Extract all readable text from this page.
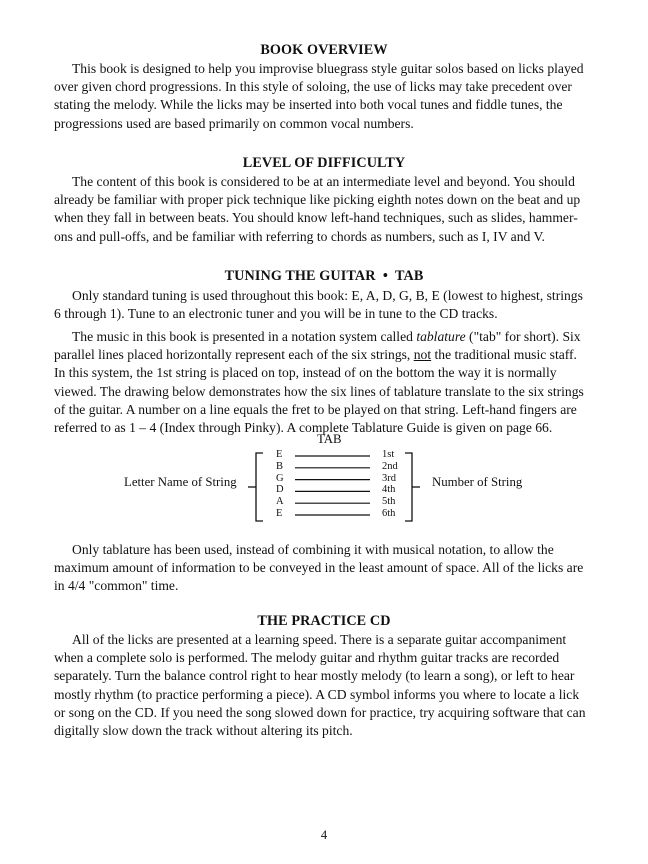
BOOK OVERVIEW
This book is designed to help you improvise bluegrass style guitar solos based on licks played
over given chord progressions. In this style of soloing, the use of licks may take precedent over
stating the melody. While the licks may be inserted into both vocal tunes and fiddle tunes, the
progressions used are based primarily on common vocal numbers.
LEVEL OF DIFFICULTY
The content of this book is considered to be at an intermediate level and beyond. You should
already be familiar with proper pick technique like picking eighth notes down on the beat and up
when they fall in between beats. You should know left-hand techniques, such as slides, hammer-
ons and pull-offs, and be familiar with referring to chords as numbers, such as I, IV and V.
TUNING THE GUITAR  •  TAB
Only standard tuning is used throughout this book: E, A, D, G, B, E (lowest to highest, strings
6 through 1). Tune to an electronic tuner and you will be in tune to the CD tracks.
The music in this book is presented in a notation system called tablature ("tab" for short). Six
parallel lines placed horizontally represent each of the six strings, not the traditional music staff.
In this system, the 1st string is placed on top, instead of on the bottom the way it is normally
viewed. The drawing below demonstrates how the six lines of tablature translate to the six strings
of the guitar. A number on a line equals the fret to be played on that string. Left-hand fingers are
referred to as 1 – 4 (Index through Pinky). A complete Tablature Guide is given on page 66.
TAB
Letter Name of String	Number of String
E
B
G
D
A
E
1st
2nd
3rd
4th
5th
6th
Only tablature has been used, instead of combining it with musical notation, to allow the
maximum amount of information to be conveyed in the least amount of space. All of the licks are
in 4/4 "common" time.
THE PRACTICE CD
All of the licks are presented at a learning speed. There is a separate guitar accompaniment
when a complete solo is performed. The melody guitar and rhythm guitar tracks are recorded
separately. Turn the balance control right to hear mostly melody (to learn a song), or left to hear
mostly rhythm (to practice performing a piece). A CD symbol informs you where to locate a lick
or song on the CD. If you need the song slowed down for practice, try acquiring software that can
digitally slow down the track without altering its pitch.
4
